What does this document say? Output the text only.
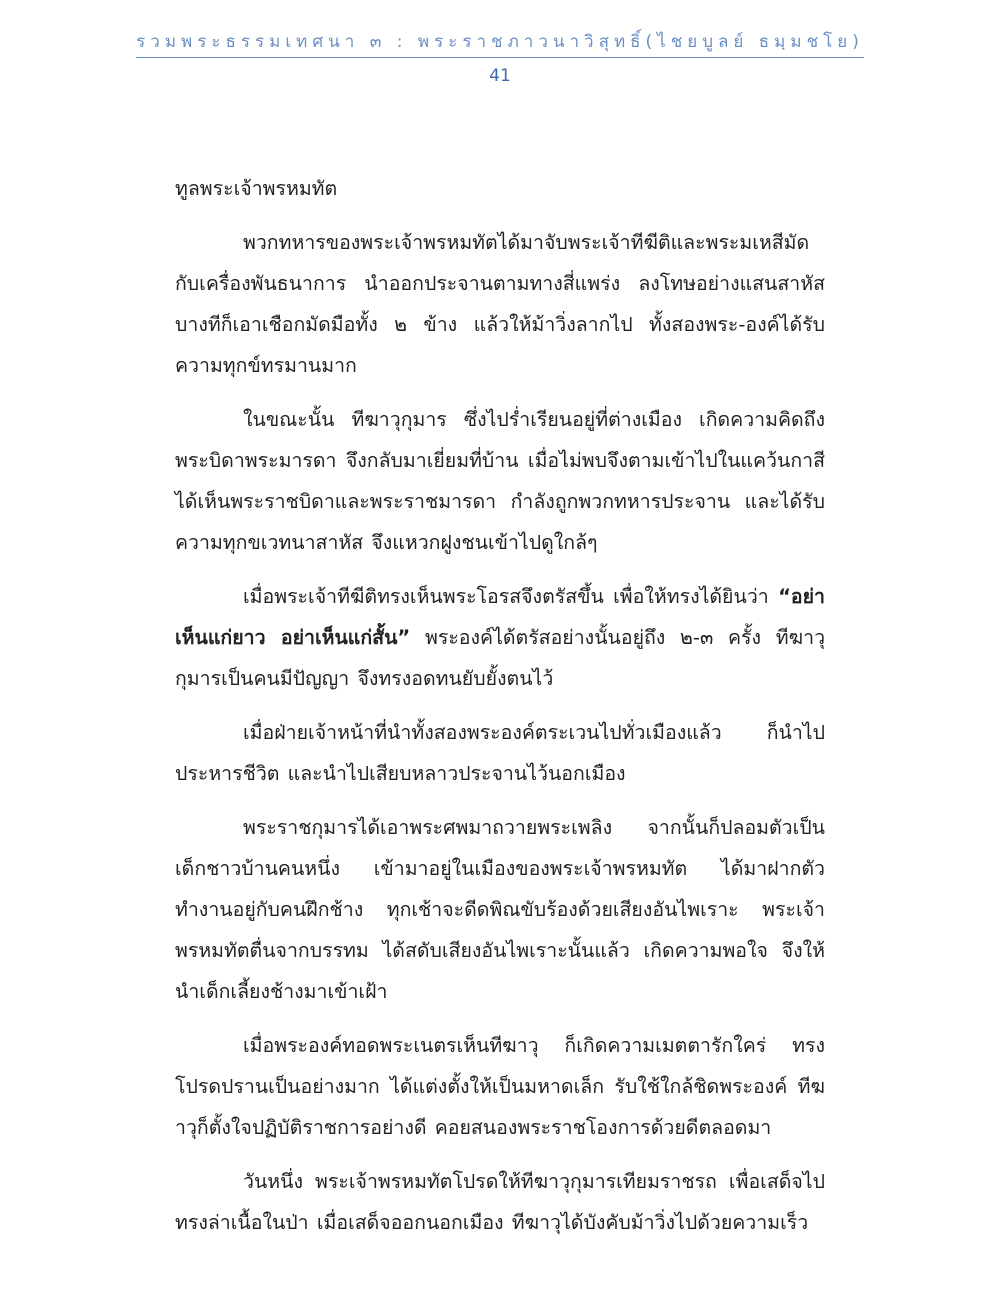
รวมพระธรรมเทศนา ๓ : พระราชภาวนาวิสุทธิ์(ไชยบูลย์ ธมฺมชโย)
41

ทูลพระเจ้าพรหมทัต

พวกทหารของพระเจ้าพรหมทัตได้มาจับพระเจ้าทีฆีติและพระมเหสีมัดกับเครื่องพันธนาการ นำออกประจานตามทางสี่แพร่ง ลงโทษอย่างแสนสาหัส บางทีก็เอาเชือกมัดมือทั้ง ๒ ข้าง แล้วให้ม้าวิ่งลากไป ทั้งสองพระ-องค์ได้รับความทุกข์ทรมานมาก

ในขณะนั้น ทีฆาวุกุมาร ซึ่งไปร่ำเรียนอยู่ที่ต่างเมือง เกิดความคิดถึงพระบิดาพระมารดา จึงกลับมาเยี่ยมที่บ้าน เมื่อไม่พบจึงตามเข้าไปในแคว้นกาสี ได้เห็นพระราชบิดาและพระราชมารดา กำลังถูกพวกทหารประจาน และได้รับความทุกขเวทนาสาหัส จึงแหวกฝูงชนเข้าไปดูใกล้ๆ

เมื่อพระเจ้าทีฆีติทรงเห็นพระโอรสจึงตรัสขึ้น เพื่อให้ทรงได้ยินว่า “อย่าเห็นแก่ยาว อย่าเห็นแก่สั้น” พระองค์ได้ตรัสอย่างนั้นอยู่ถึง ๒-๓ ครั้ง ทีฆาวุกุมารเป็นคนมีปัญญา จึงทรงอดทนยับยั้งตนไว้

เมื่อฝ่ายเจ้าหน้าที่นำทั้งสองพระองค์ตระเวนไปทั่วเมืองแล้ว ก็นำไปประหารชีวิต และนำไปเสียบหลาวประจานไว้นอกเมือง

พระราชกุมารได้เอาพระศพมาถวายพระเพลิง จากนั้นก็ปลอมตัวเป็นเด็กชาวบ้านคนหนึ่ง เข้ามาอยู่ในเมืองของพระเจ้าพรหมทัต ได้มาฝากตัวทำงานอยู่กับคนฝึกช้าง ทุกเช้าจะดีดพิณขับร้องด้วยเสียงอันไพเราะ พระเจ้าพรหมทัตตื่นจากบรรทม ได้สดับเสียงอันไพเราะนั้นแล้ว เกิดความพอใจ จึงให้นำเด็กเลี้ยงช้างมาเข้าเฝ้า

เมื่อพระองค์ทอดพระเนตรเห็นทีฆาวุ ก็เกิดความเมตตารักใคร่ ทรงโปรดปรานเป็นอย่างมาก ได้แต่งตั้งให้เป็นมหาดเล็ก รับใช้ใกล้ชิดพระองค์ ทีฆาวุก็ตั้งใจปฏิบัติราชการอย่างดี คอยสนองพระราชโองการด้วยดีตลอดมา

วันหนึ่ง พระเจ้าพรหมทัตโปรดให้ทีฆาวุกุมารเทียมราชรถ เพื่อเสด็จไปทรงล่าเนื้อในป่า เมื่อเสด็จออกนอกเมือง ทีฆาวุได้บังคับม้าวิ่งไปด้วยความเร็ว
